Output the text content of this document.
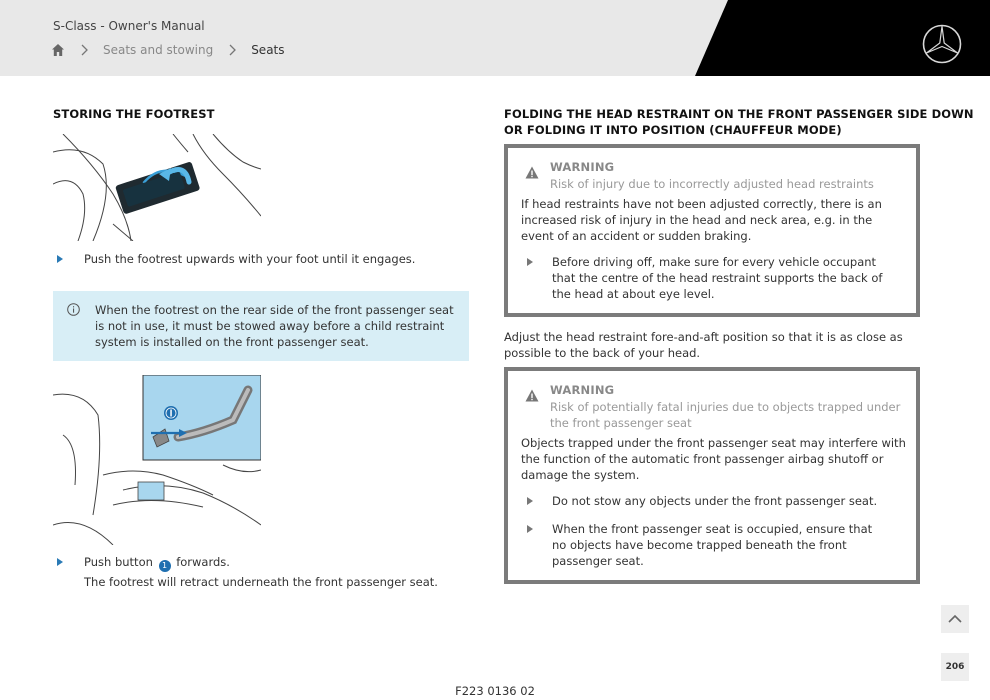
S-Class - Owner's Manual
Seats and stowing	Seats
STORING THE FOOTREST
Push the footrest upwards with your foot until it engages.
When the footrest on the rear side of the front passenger seat is not in use, it must be stowed away before a child restraint system is installed on the front passenger seat.
Push button 1 forwards.
The footrest will retract underneath the front passenger seat.
FOLDING THE HEAD RESTRAINT ON THE FRONT PASSENGER SIDE DOWN
OR FOLDING IT INTO POSITION (CHAUFFEUR MODE)
WARNING
Risk of injury due to incorrectly adjusted head restraints
If head restraints have not been adjusted correctly, there is an increased risk of injury in the head and neck area, e.g. in the event of an accident or sudden braking.
Before driving off, make sure for every vehicle occupant that the centre of the head restraint supports the back of the head at about eye level.
Adjust the head restraint fore-and-aft position so that it is as close as possible to the back of your head.
WARNING
Risk of potentially fatal injuries due to objects trapped under the front passenger seat
Objects trapped under the front passenger seat may interfere with the function of the automatic front passenger airbag shutoff or damage the system.
Do not stow any objects under the front passenger seat.
When the front passenger seat is occupied, ensure that no objects have become trapped beneath the front passenger seat.
206
F223 0136 02
